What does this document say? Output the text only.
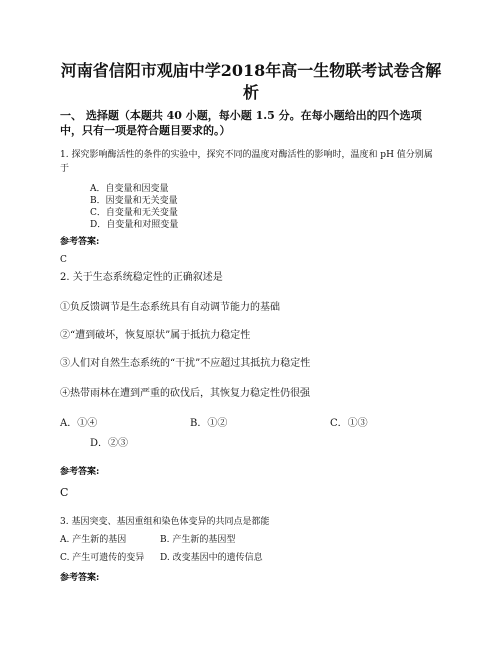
河南省信阳市观庙中学2018年高一生物联考试卷含解析
一、 选择题（本题共 40 小题，每小题 1.5 分。在每小题给出的四个选项中，只有一项是符合题目要求的。）
1. 探究影响酶活性的条件的实验中，探究不同的温度对酶活性的影响时，温度和 pH 值分别属于
A．自变量和因变量
B．因变量和无关变量
C．自变量和无关变量
D．自变量和对照变量
参考答案:
C
2. 关于生态系统稳定性的正确叙述是
①负反馈调节是生态系统具有自动调节能力的基础
②“遭到破坏，恢复原状”属于抵抗力稳定性
③人们对自然生态系统的“干扰”不应超过其抵抗力稳定性
④热带雨林在遭到严重的砍伐后，其恢复力稳定性仍很强
A．①④	B．①②	C．①③
D．②③
参考答案:
C
3. 基因突变、基因重组和染色体变异的共同点是都能
A. 产生新的基因	B. 产生新的基因型
C. 产生可遗传的变异 D. 改变基因中的遗传信息
参考答案:
